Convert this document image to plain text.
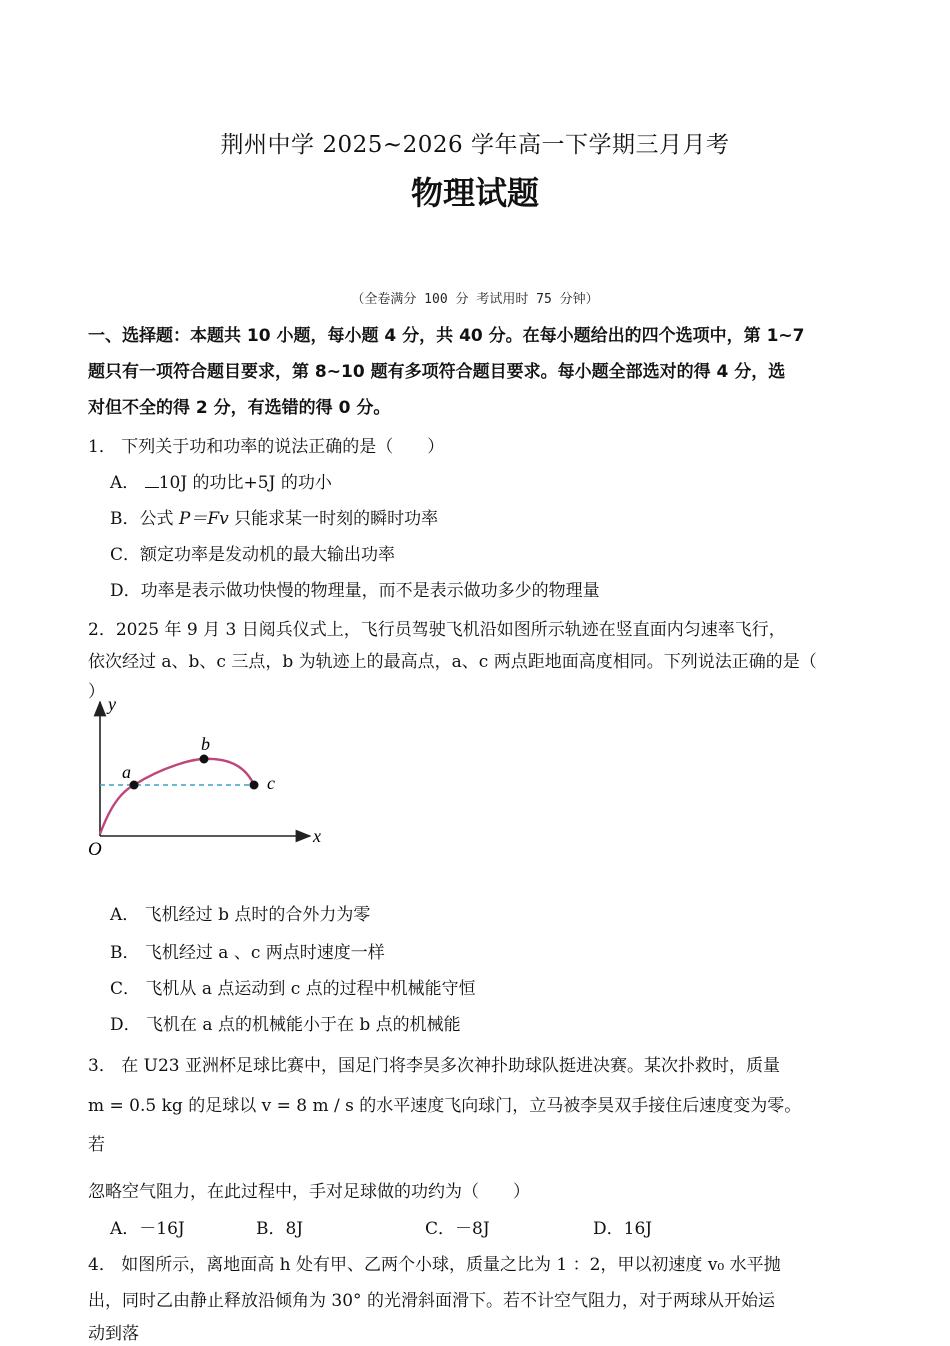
荆州中学 2025~2026 学年高一下学期三月月考
物理试题
（全卷满分 100 分 考试用时 75 分钟）
一、选择题：本题共 10 小题，每小题 4 分，共 40 分。在每小题给出的四个选项中，第 1~7
题只有一项符合题目要求，第 8~10 题有多项符合题目要求。每小题全部选对的得 4 分，选
对但不全的得 2 分，有选错的得 0 分。
1． 下列关于功和功率的说法正确的是（　　）
A． 10J 的功比+5J 的功小
B．公式 P＝Fv 只能求某一时刻的瞬时功率
C．额定功率是发动机的最大输出功率
D．功率是表示做功快慢的物理量，而不是表示做功多少的物理量
2．2025 年 9 月 3 日阅兵仪式上，飞行员驾驶飞机沿如图所示轨迹在竖直面内匀速率飞行，
依次经过 a、b、c 三点，b 为轨迹上的最高点，a、c 两点距地面高度相同。下列说法正确的是（
）
y
x
O
a
b
c
A． 飞机经过 b 点时的合外力为零
B． 飞机经过 a 、c 两点时速度一样
C． 飞机从 a 点运动到 c 点的过程中机械能守恒
D． 飞机在 a 点的机械能小于在 b 点的机械能
3． 在 U23 亚洲杯足球比赛中，国足门将李昊多次神扑助球队挺进决赛。某次扑救时，质量
m = 0.5 kg 的足球以 v = 8 m / s 的水平速度飞向球门，立马被李昊双手接住后速度变为零。
若
忽略空气阻力，在此过程中，手对足球做的功约为（　　）
A．－16J	B．8J	C．－8J	D．16J
4． 如图所示，离地面高 h 处有甲、乙两个小球，质量之比为 1 ：2，甲以初速度 v₀ 水平抛
出，同时乙由静止释放沿倾角为 30° 的光滑斜面滑下。若不计空气阻力，对于两球从开始运
动到落
